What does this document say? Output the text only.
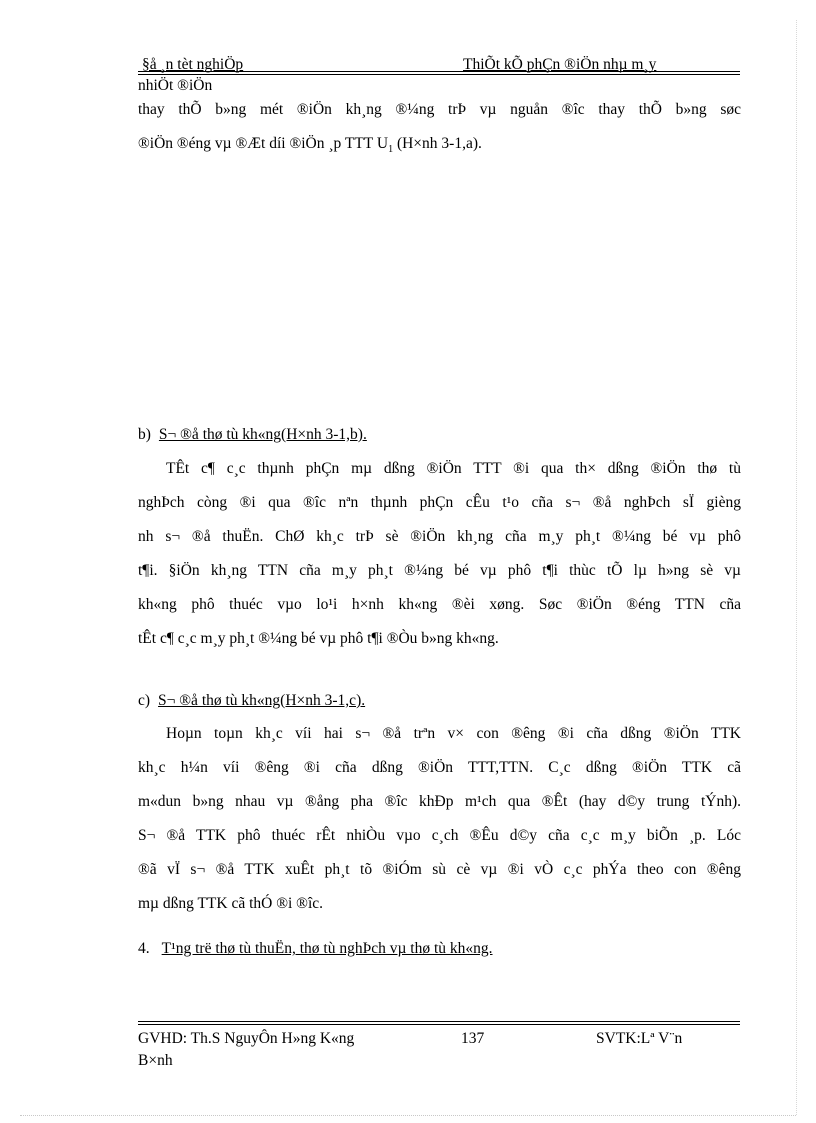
§å ¸n tèt nghiÖp	ThiÕt kÕ phÇn ®iÖn nhµ m¸y
nhiÖt ®iÖn
thay thÕ b»ng mét ®iÖn kh¸ng ®¼ng trÞ vµ nguån ®îc thay thÕ b»ng søc
®iÖn ®éng vµ ®Æt díi ®iÖn ¸p TTT $U_1$ (H×nh 3-1,a).
b) S¬ ®å thø tù kh«ng(H×nh 3-1,b).
TÊt c¶ c¸c thµnh phÇn mµ dßng ®iÖn TTT ®i qua th× dßng ®iÖn thø tù
nghÞch còng ®i qua ®îc nªn thµnh phÇn cÊu t¹o cña s¬ ®å nghÞch sÏ gièng
nh s¬ ®å thuËn. ChØ kh¸c trÞ sè ®iÖn kh¸ng cña m¸y ph¸t ®¼ng bé vµ phô
t¶i. §iÖn kh¸ng TTN cña m¸y ph¸t ®¼ng bé vµ phô t¶i thùc tÕ lµ h»ng sè vµ
kh«ng phô thuéc vµo lo¹i h×nh kh«ng ®èi xøng. Søc ®iÖn ®éng TTN cña
tÊt c¶ c¸c m¸y ph¸t ®¼ng bé vµ phô t¶i ®Òu b»ng kh«ng.
c) S¬ ®å thø tù kh«ng(H×nh 3-1,c).
Hoµn toµn kh¸c víi hai s¬ ®å trªn v× con ®êng ®i cña dßng ®iÖn TTK
kh¸c h¼n víi ®êng ®i cña dßng ®iÖn TTT,TTN. C¸c dßng ®iÖn TTK cã
m«dun b»ng nhau vµ ®ång pha ®îc khÐp m¹ch qua ®Êt (hay d©y trung tÝnh).
S¬ ®å TTK phô thuéc rÊt nhiÒu vµo c¸ch ®Êu d©y cña c¸c m¸y biÕn ¸p. Lóc
®ã vÏ s¬ ®å TTK xuÊt ph¸t tõ ®iÓm sù cè vµ ®i vÒ c¸c phÝa theo con ®êng
mµ dßng TTK cã thÓ ®i ®îc.
4. T¹ng trë thø tù thuËn, thø tù nghÞch vµ thø tù kh«ng.
GVHD: Th.S NguyÔn H»ng K«ng	137	SVTK:Lª V¨n
B×nh
